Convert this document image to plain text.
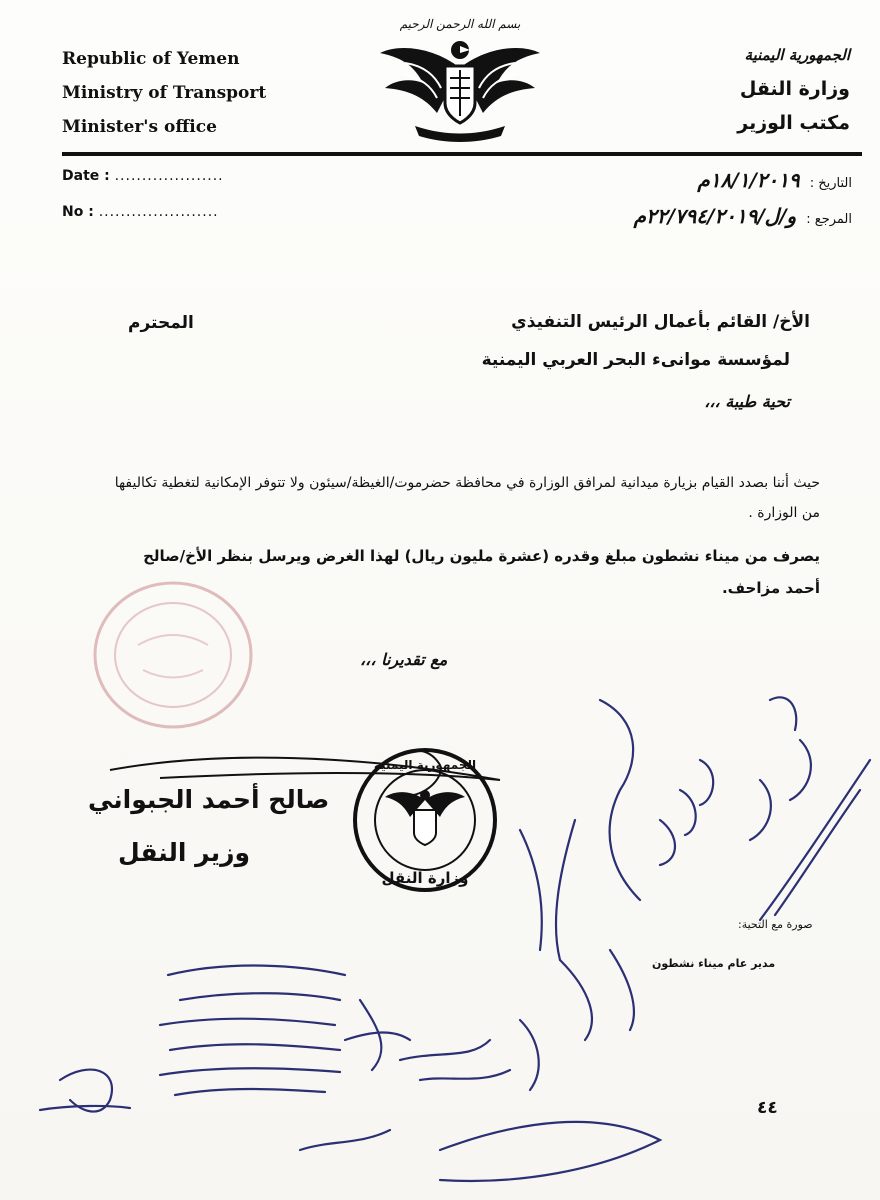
Republic of Yemen
Ministry of Transport
Minister's office
بسم الله الرحمن الرحيم
الجمهورية اليمنية
وزارة النقل
مكتب الوزير
Date : ....................
No : ......................
التاريخ : ١٨/١/٢٠١٩م
المرجع : و/ل/٢٢/٧٩٤/٢٠١٩م
الأخ/ القائم بأعمال الرئيس التنفيذي
لمؤسسة موانىء البحر العربي اليمنية
المحترم
تحية طيبة ،،،
حيث أننا بصدد القيام بزيارة ميدانية لمرافق الوزارة في محافظة حضرموت/الغيظة/سيئون ولا تتوفر الإمكانية لتغطية تكاليفها من الوزارة .
يصرف من ميناء نشطون مبلغ وقدره (عشرة مليون ريال) لهذا الغرض ويرسل بنظر الأخ/صالح أحمد مزاحف.
مع تقديرنا ،،،
صالح أحمد الجبواني
وزير النقل
الجمهورية اليمنية
وزارة النقل
صورة مع التحية:
مدير عام ميناء نشطون
٤٤
